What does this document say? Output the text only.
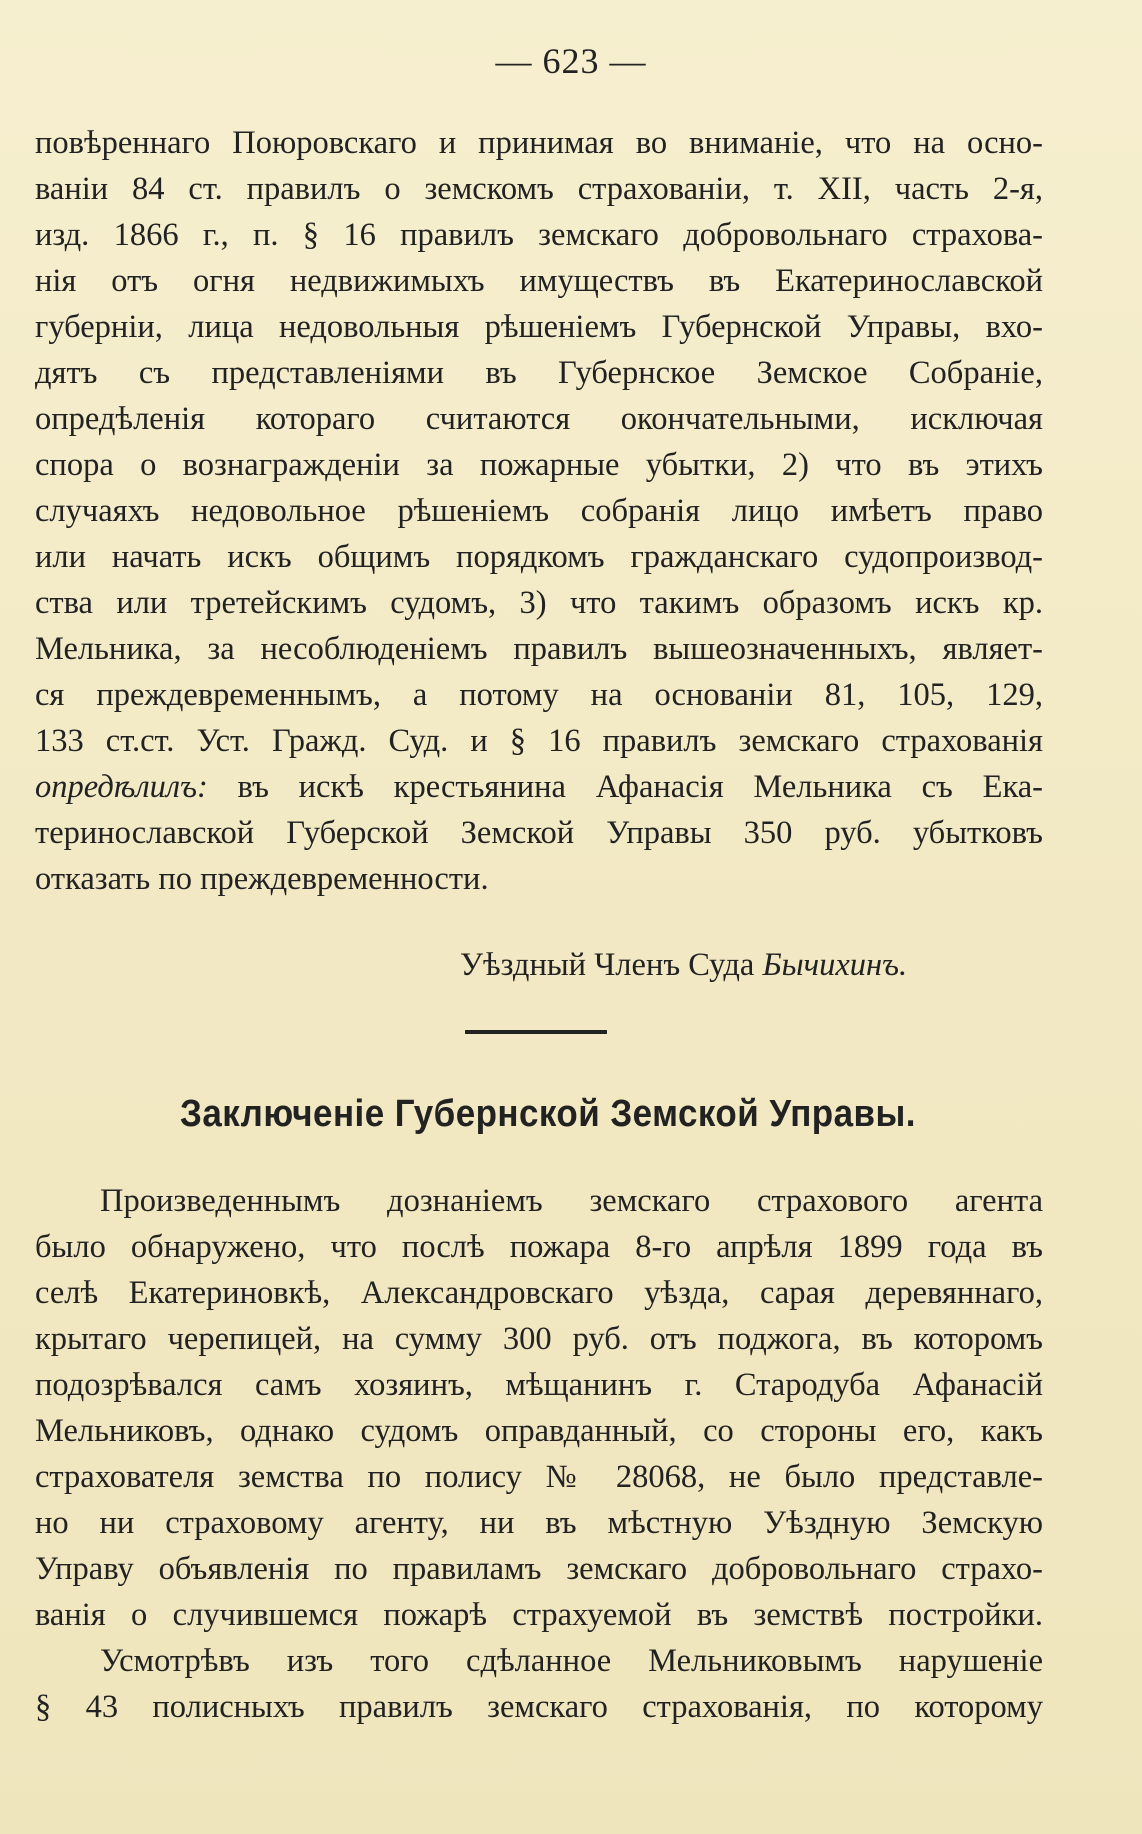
— 623 —
повѣреннаго Поюровскаго и принимая во вниманіе, что на осно-
ваніи 84 ст. правилъ о земскомъ страхованіи, т. XII, часть 2-я,
изд. 1866 г., п. § 16 правилъ земскаго добровольнаго страхова-
нія отъ огня недвижимыхъ имуществъ въ Екатеринославской
губерніи, лица недовольныя рѣшеніемъ Губернской Управы, вхо-
дятъ съ представленіями въ Губернское Земское Собраніе,
опредѣленія котораго считаются окончательными, исключая
спора о вознагражденіи за пожарные убытки, 2) что въ этихъ
случаяхъ недовольное рѣшеніемъ собранія лицо имѣетъ право
или начать искъ общимъ порядкомъ гражданскаго судопроизвод-
ства или третейскимъ судомъ, 3) что такимъ образомъ искъ кр.
Мельника, за несоблюденіемъ правилъ вышеозначенныхъ, являет-
ся преждевременнымъ, а потому на основаніи 81, 105, 129,
133 ст.ст. Уст. Гражд. Суд. и § 16 правилъ земскаго страхованія
опредѣлилъ: въ искѣ крестьянина Афанасія Мельника съ Ека-
теринославской Губерской Земской Управы 350 руб. убытковъ
отказать по преждевременности.
Уѣздный Членъ Суда Бычихинъ.
Заключеніе Губернской Земской Управы.
Произведеннымъ дознаніемъ земскаго страхового агента
было обнаружено, что послѣ пожара 8-го апрѣля 1899 года въ
селѣ Екатериновкѣ, Александровскаго уѣзда, сарая деревяннаго,
крытаго черепицей, на сумму 300 руб. отъ поджога, въ которомъ
подозрѣвался самъ хозяинъ, мѣщанинъ г. Стародуба Афанасій
Мельниковъ, однако судомъ оправданный, со стороны его, какъ
страхователя земства по полису № 28068, не было представле-
но ни страховому агенту, ни въ мѣстную Уѣздную Земскую
Управу объявленія по правиламъ земскаго добровольнаго страхо-
ванія о случившемся пожарѣ страхуемой въ земствѣ постройки.
Усмотрѣвъ изъ того сдѣланное Мельниковымъ нарушеніе
§ 43 полисныхъ правилъ земскаго страхованія, по которому
